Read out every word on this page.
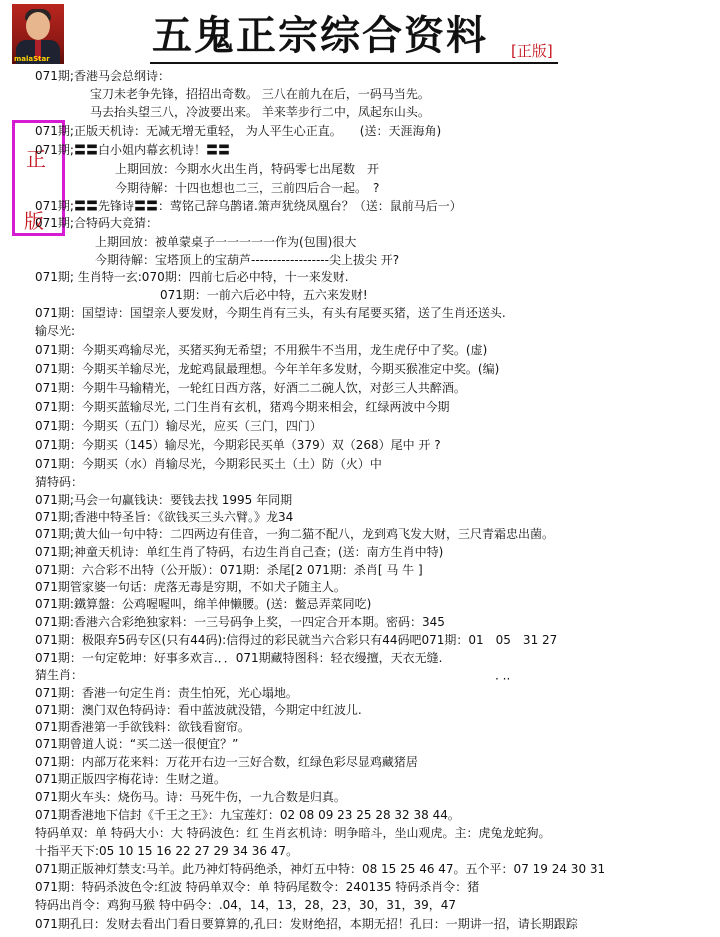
malaStar	五鬼正宗综合资料 [正版]
正
版
071期;香港马会总纲诗：
宝刀未老争先锋，招招出奇数。 三八在前九在后，一码马当先。
马去抬头望三八，冷波要出来。 羊来莘步行二中，凤起东山头。
071期;正版天机诗：无减无增无重轻， 为人平生心正直。　　(送：天涯海角)
071期;〓〓白小姐内幕玄机诗！〓〓
上期回放：今期水火出生肖，特码零七出尾数　开
今期待解：十四也想也二三，三前四后合一起。　?
071期;〓〓先锋诗〓〓：莺铭己辞乌鹊诸.箫声犹绕凤凰台？（送：鼠前马后一）
071期;合特码大竞猜：
上期回放：被单蒙桌子一一一一一作为(包围)很大
今期待解：宝塔顶上的宝葫芦------------------尖上拔尖 开?
071期; 生肖特一玄:070期：四前七后必中特，十一来发财.
071期：一前六后必中特，五六来发财!
071期：国望诗：国望亲人要发财，今期生肖有三头，有头有尾要买猪，送了生肖还送头.
输尽光:
071期：今期买鸡输尽光，买猪买狗无希望；不用猴牛不当用，龙生虎仔中了奖。(虚)
071期：今期买羊输尽光，龙蛇鸡鼠最理想。今年羊年多发财，今期买猴准定中奖。(编)
071期：今期牛马输精光，一轮红日西方落，好酒二二碗人饮，对彭三人共醉酒。
071期：今期买蓝输尽光, 二门生肖有玄机，猪鸡今期来相会，红绿两波中今期
071期：今期买（五门）输尽光，应买（三门，四门）
071期：今期买（145）输尽光，今期彩民买单（379）双（268）尾中 开 ?
071期：今期买（水）肖输尽光，今期彩民买土（土）防（火）中
猜特码：
071期;马会一句赢钱诀：要钱去找 1995 年同期
071期;香港中特圣旨：《欲钱买三头六臂。》龙34
071期;黄大仙一句中特：二四两边有佳音，一狗二猫不配八，龙到鸡飞发大财，三尺青霜忠出菌。
071期;神童天机诗：单红生肖了特码，右边生肖自己查；(送：南方生肖中特)
071期：六合彩不出特（公开版）：071期：杀尾[2 071期：杀肖[ 马 牛 ]
071期管家婆一句话：虎落无毒是穷期，不如犬子随主人。
071期:鐵算盤：公鸡喔喔叫，绵羊伸懒腰。(送：鳖忌弄菜同吃)
071期:香港六合彩绝独家料：一三号码争上奖，一四定合开本期。密码：345
071期：极限弃5码专区(只有44码):信得过的彩民就当六合彩只有44码吧071期：01　05　31 27
071期：一句定乾坤：好事多欢言.．．071期藏特图科：轻衣缦擅，天衣无缝.
猜生肖：	· ··
071期：香港一句定生肖：责生怕死，光心塌地。
071期：澳门双色特码诗：看中蓝波就没错，今期定中红波儿.
071期香港第一手欲钱料：欲钱看窗帘。
071期曾道人说：“买二送一很便宜？”
071期：内部万花来料：万花开右边一三好合数，红绿色彩尽显鸡藏猪居
071期正版四字梅花诗：生财之道。
071期火车头：烧伤马。诗：马死牛伤，一九合数是归真。
071期香港地下信封《千王之王》：九宝莲灯：02 08 09 23 25 28 32 38 44。
特码单双：单 特码大小：大 特码波色：红 生肖玄机诗：明争暗斗，坐山观虎。主：虎兔龙蛇狗。
十指平天下:05 10 15 16 22 27 29 34 36 47。
071期正版神灯禁支:马羊。此乃神灯特码绝杀，神灯五中特：08 15 25 46 47。五个平：07 19 24 30 31
071期：特码杀波色令:红波 特码单双令：单 特码尾数令：240135 特码杀肖令：猪
特码出肖令：鸡狗马猴 特中码令：.04，14，13，28，23，30，31，39，47
071期孔曰：发财去看出门看日要算算的,孔曰：发财绝招，本期无招！孔曰：一期讲一招，请长期跟踪
